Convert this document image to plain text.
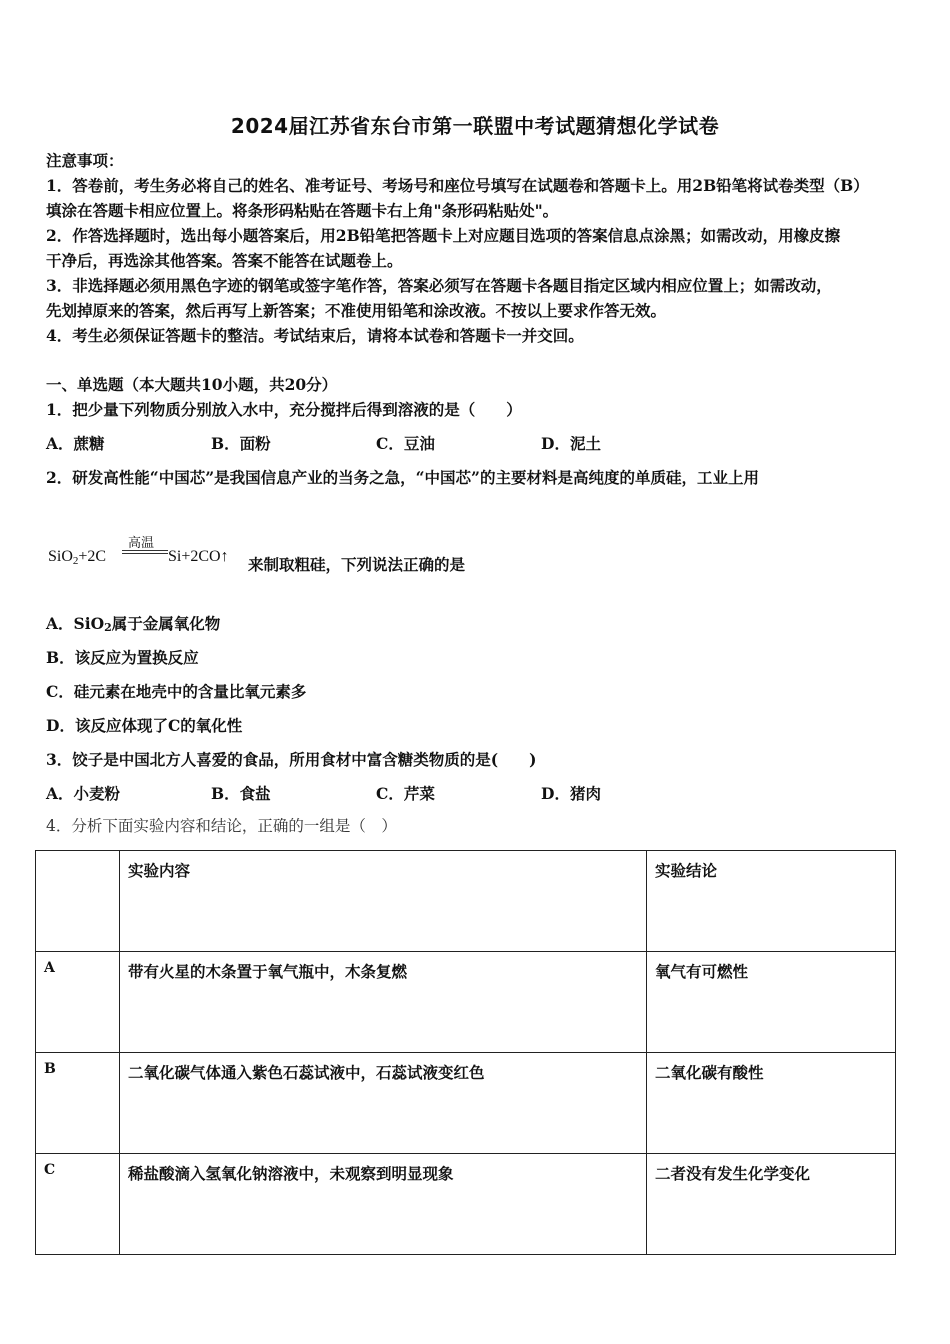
2024届江苏省东台市第一联盟中考试题猜想化学试卷
注意事项：
1．答卷前，考生务必将自己的姓名、准考证号、考场号和座位号填写在试题卷和答题卡上。用2B铅笔将试卷类型（B）
填涂在答题卡相应位置上。将条形码粘贴在答题卡右上角"条形码粘贴处"。
2．作答选择题时，选出每小题答案后，用2B铅笔把答题卡上对应题目选项的答案信息点涂黑；如需改动，用橡皮擦
干净后，再选涂其他答案。答案不能答在试题卷上。
3．非选择题必须用黑色字迹的钢笔或签字笔作答，答案必须写在答题卡各题目指定区域内相应位置上；如需改动，
先划掉原来的答案，然后再写上新答案；不准使用铅笔和涂改液。不按以上要求作答无效。
4．考生必须保证答题卡的整洁。考试结束后，请将本试卷和答题卡一并交回。
一、单选题（本大题共10小题，共20分）
1．把少量下列物质分别放入水中，充分搅拌后得到溶液的是（　　）
A．蔗糖	B．面粉	C．豆油	D．泥土
2．研发高性能“中国芯”是我国信息产业的当务之急，“中国芯”的主要材料是高纯度的单质硅，工业上用
SiO$_2$+2C
高温
Si+2CO↑ 来制取粗硅，下列说法正确的是
A．SiO2属于金属氧化物
B．该反应为置换反应
C．硅元素在地壳中的含量比氧元素多
D．该反应体现了C的氧化性
3．饺子是中国北方人喜爱的食品，所用食材中富含糖类物质的是(　　)
A．小麦粉	B．食盐	C．芹菜	D．猪肉
4．分析下面实验内容和结论，正确的一组是（　）
	实验内容	实验结论
A	带有火星的木条置于氧气瓶中，木条复燃	氧气有可燃性
B	二氧化碳气体通入紫色石蕊试液中，石蕊试液变红色	二氧化碳有酸性
C	稀盐酸滴入氢氧化钠溶液中，未观察到明显现象	二者没有发生化学变化
